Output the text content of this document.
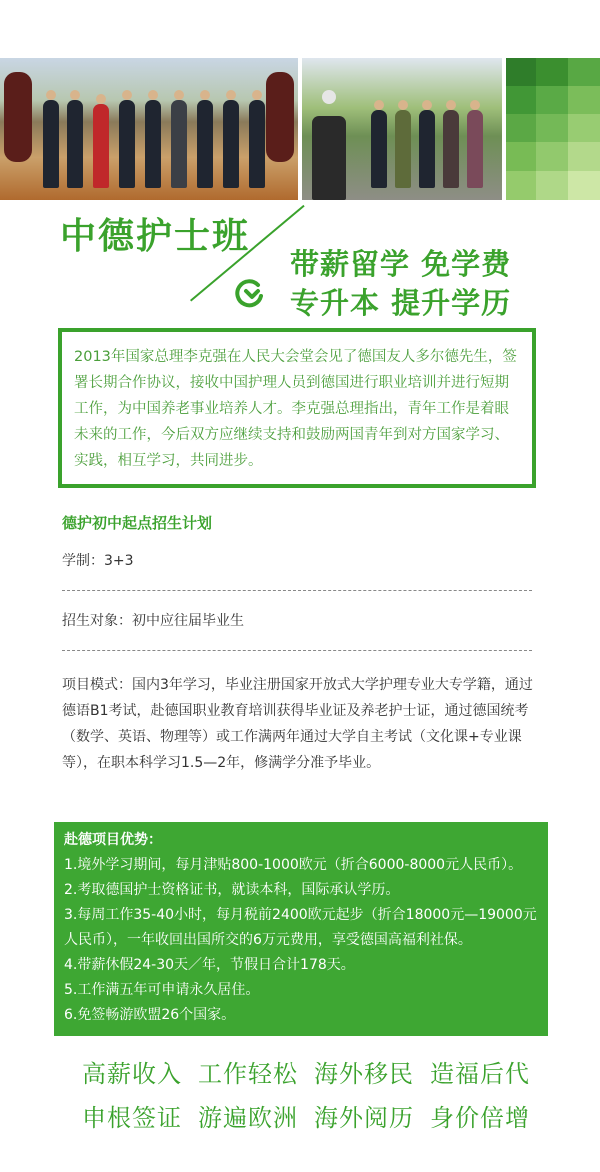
中德护士班
带薪留学 免学费
专升本 提升学历
2013年国家总理李克强在人民大会堂会见了德国友人多尔德先生，签署长期合作协议，接收中国护理人员到德国进行职业培训并进行短期工作，为中国养老事业培养人才。李克强总理指出，青年工作是着眼未来的工作，今后双方应继续支持和鼓励两国青年到对方国家学习、实践，相互学习，共同进步。
德护初中起点招生计划
学制：3+3
招生对象：初中应往届毕业生
项目模式：国内3年学习，毕业注册国家开放式大学护理专业大专学籍，通过德语B1考试，赴德国职业教育培训获得毕业证及养老护士证，通过德国统考（数学、英语、物理等）或工作满两年通过大学自主考试（文化课+专业课等），在职本科学习1.5—2年，修满学分准予毕业。
赴德项目优势：
1.境外学习期间，每月津贴800-1000欧元（折合6000-8000元人民币）。
2.考取德国护士资格证书，就读本科，国际承认学历。
3.每周工作35-40小时，每月税前2400欧元起步（折合18000元—19000元人民币），一年收回出国所交的6万元费用，享受德国高福利社保。
4.带薪休假24-30天／年，节假日合计178天。
5.工作满五年可申请永久居住。
6.免签畅游欧盟26个国家。
高薪收入 工作轻松 海外移民 造福后代
申根签证 游遍欧洲 海外阅历 身价倍增
